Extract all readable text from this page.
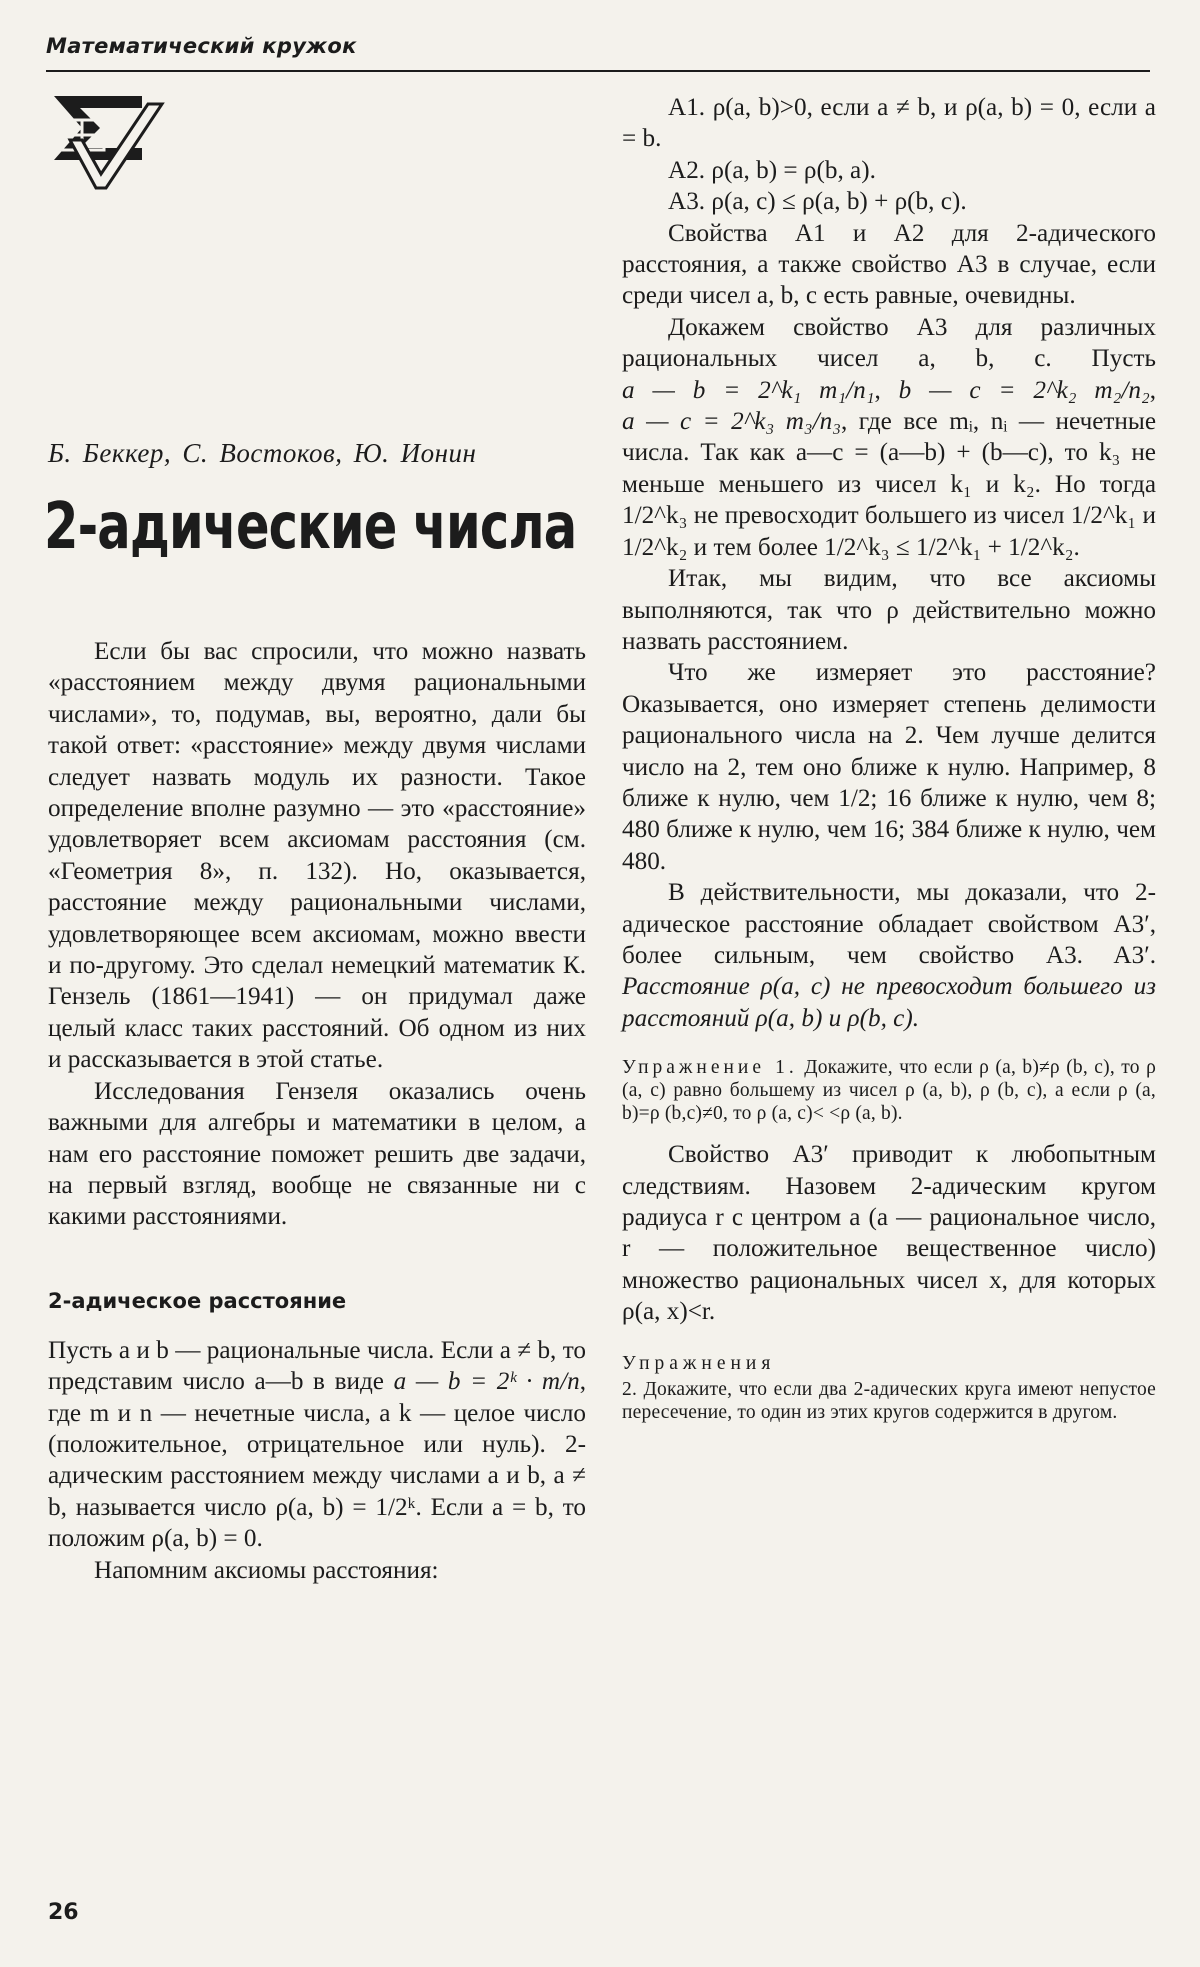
Математический кружок
Б. Беккер, С. Востоков, Ю. Ионин
2-адические числа

Если бы вас спросили, что можно назвать «расстоянием между двумя рациональными числами», то, подумав, вы, вероятно, дали бы такой ответ: «расстояние» между двумя числами следует назвать модуль их разности. Такое определение вполне разумно — это «расстояние» удовлетворяет всем аксиомам расстояния (см. «Геометрия 8», п. 132). Но, оказывается, расстояние между рациональными числами, удовлетворяющее всем аксиомам, можно ввести и по-другому. Это сделал немецкий математик К. Гензель (1861—1941) — он придумал даже целый класс таких расстояний. Об одном из них и рассказывается в этой статье.

Исследования Гензеля оказались очень важными для алгебры и математики в целом, а нам его расстояние поможет решить две задачи, на первый взгляд, вообще не связанные ни с какими расстояниями.

2-адическое расстояние

Пусть a и b — рациональные числа. Если a ≠ b, то представим число a—b в виде a — b = 2ᵏ · m/n, где m и n — нечетные числа, a k — целое число (положительное, отрицательное или нуль). 2-адическим расстоянием между числами a и b, a ≠ b, называется число ρ(a, b) = 1/2ᵏ. Если a = b, то положим ρ(a, b) = 0.

Напомним аксиомы расстояния:

A1. ρ(a, b)>0, если a ≠ b, и ρ(a, b) = 0, если a = b.

A2. ρ(a, b) = ρ(b, a).

A3. ρ(a, c) ≤ ρ(a, b) + ρ(b, c).

Свойства A1 и A2 для 2-адического расстояния, а также свойство A3 в случае, если среди чисел a, b, c есть равные, очевидны.

Докажем свойство A3 для различных рациональных чисел a, b, c. Пусть a — b = 2^k₁ m₁/n₁, b — c = 2^k₂ m₂/n₂, a — c = 2^k₃ m₃/n₃, где все mᵢ, nᵢ — нечетные числа. Так как a—c = (a—b) + (b—c), то k₃ не меньше меньшего из чисел k₁ и k₂. Но тогда 1/2^k₃ не превосходит большего из чисел 1/2^k₁ и 1/2^k₂ и тем более 1/2^k₃ ≤ 1/2^k₁ + 1/2^k₂.

Итак, мы видим, что все аксиомы выполняются, так что ρ действительно можно назвать расстоянием.

Что же измеряет это расстояние? Оказывается, оно измеряет степень делимости рационального числа на 2. Чем лучше делится число на 2, тем оно ближе к нулю. Например, 8 ближе к нулю, чем 1/2; 16 ближе к нулю, чем 8; 480 ближе к нулю, чем 16; 384 ближе к нулю, чем 480.

В действительности, мы доказали, что 2-адическое расстояние обладает свойством A3′, более сильным, чем свойство A3. A3′. Расстояние ρ(a, c) не превосходит большего из расстояний ρ(a, b) и ρ(b, c).

Упражнение 1. Докажите, что если ρ (a, b)≠ρ (b, c), то ρ (a, c) равно большему из чисел ρ (a, b), ρ (b, c), а если ρ (a, b)=ρ (b,c)≠0, то ρ (a, c)< <ρ (a, b).

Свойство A3′ приводит к любопытным следствиям. Назовем 2-адическим кругом радиуса r с центром a (a — рациональное число, r — положительное вещественное число) множество рациональных чисел x, для которых ρ(a, x)<r.

Упражнения
2. Докажите, что если два 2-адических круга имеют непустое пересечение, то один из этих кругов содержится в другом.
26
